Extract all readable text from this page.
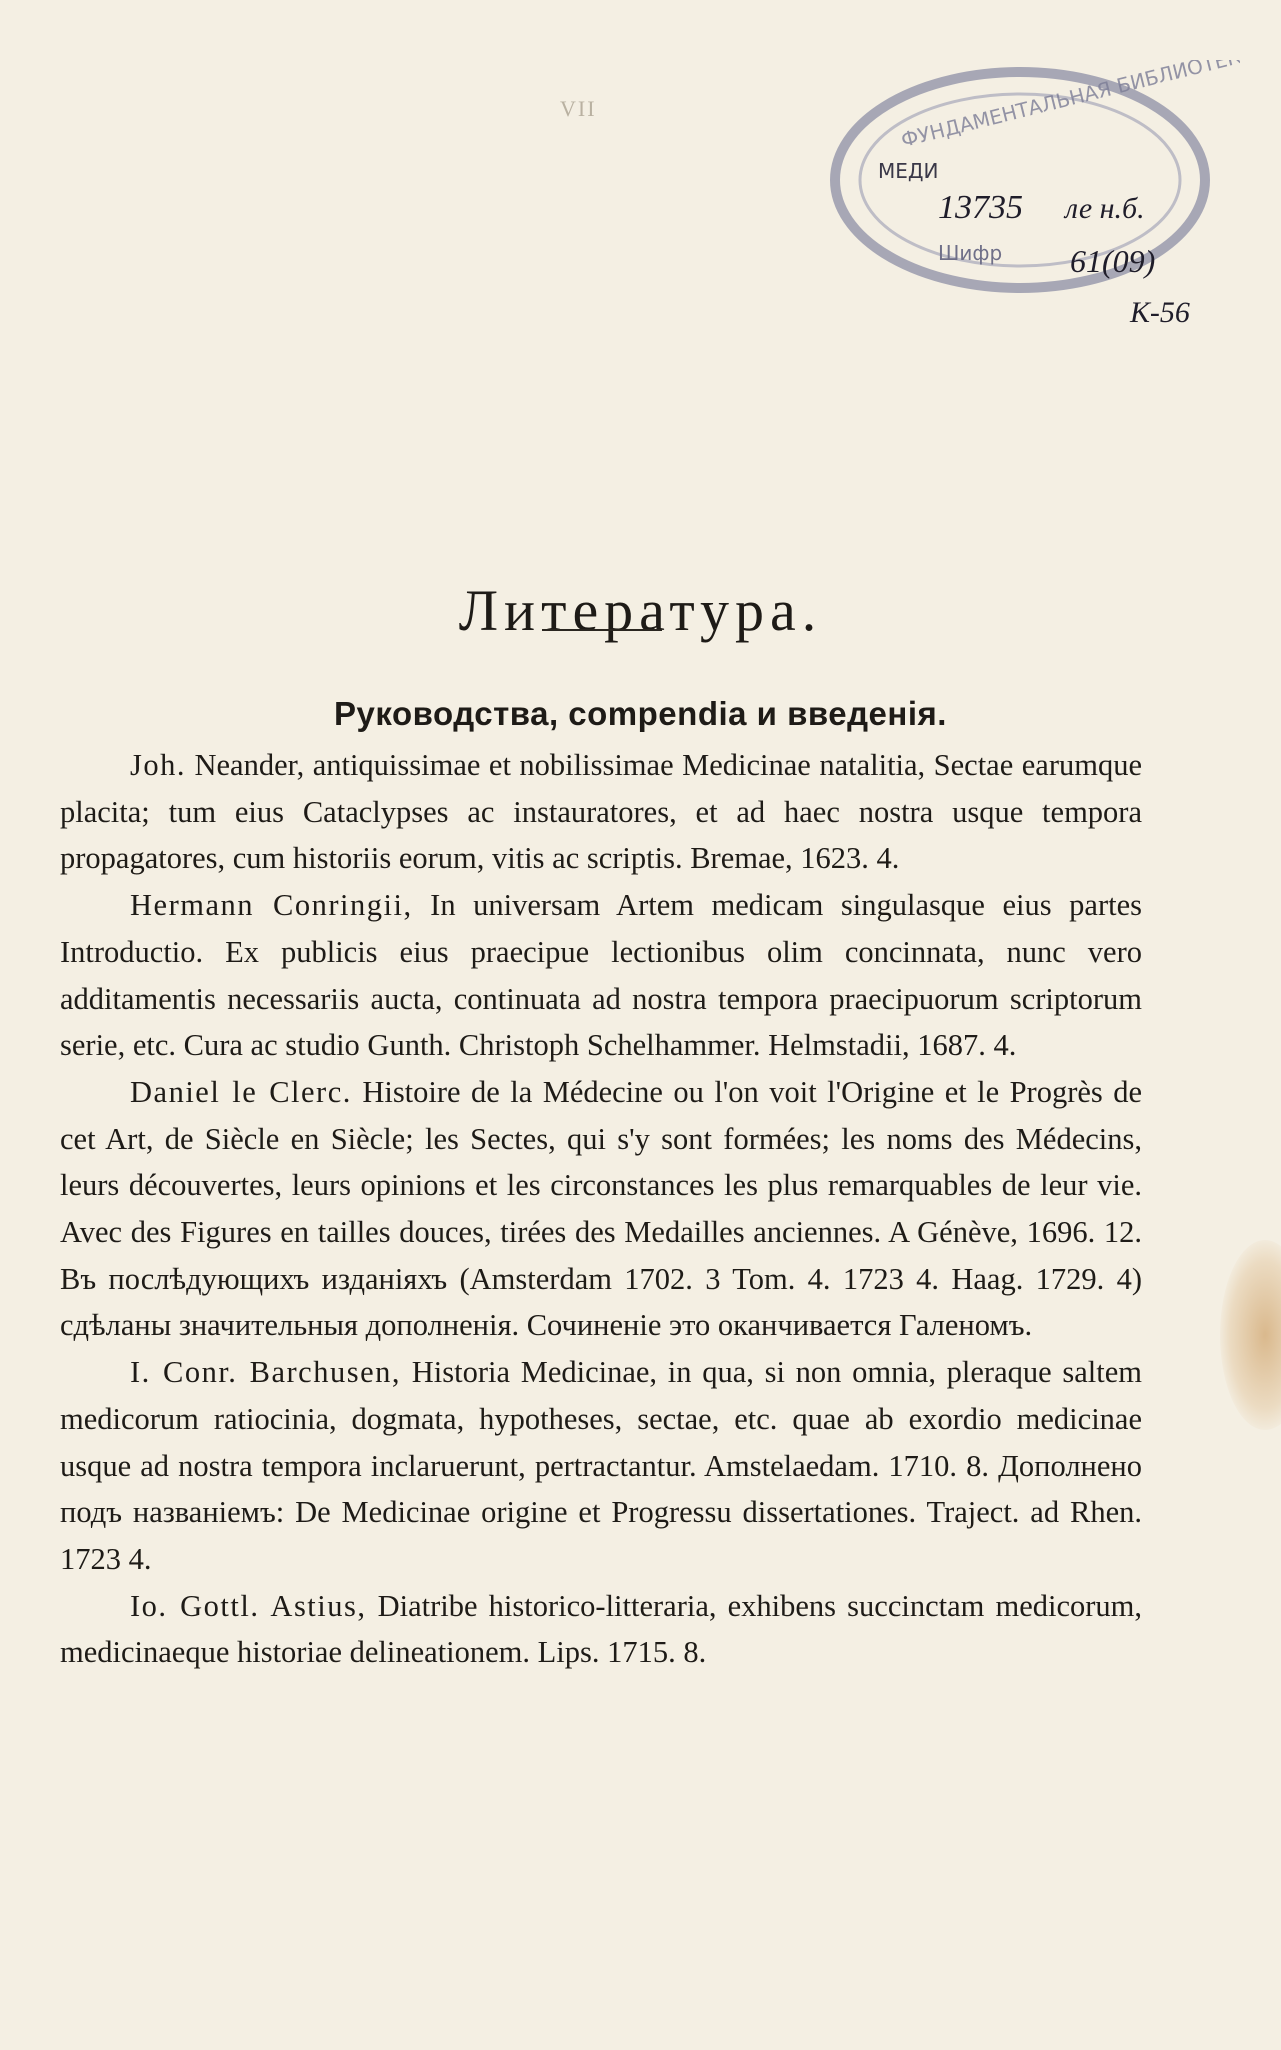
VII	ФУНДАМЕНТАЛЬНАЯ БИБЛИОТЕКА
МЕДИ
13735 ле н.б.
Шифр 61(09)
К-56
Литература.
Руководства, compendia и введенія.

Joh. Neander, antiquissimae et nobilissimae Medicinae natalitia, Sectae earumque placita; tum eius Cataclypses ac instauratores, et ad haec nostra usque tempora propagatores, cum historiis eorum, vitis ac scriptis. Bremae, 1623. 4.

Hermann Conringii, In universam Artem medicam singulasque eius partes Introductio. Ex publicis eius praecipue lectionibus olim concinnata, nunc vero additamentis necessariis aucta, continuata ad nostra tempora praecipuorum scriptorum serie, etc. Cura ac studio Gunth. Christoph Schelhammer. Helmstadii, 1687. 4.

Daniel le Clerc. Histoire de la Médecine ou l'on voit l'Origine et le Progrès de cet Art, de Siècle en Siècle; les Sectes, qui s'y sont formées; les noms des Médecins, leurs découvertes, leurs opinions et les circonstances les plus remarquables de leur vie. Avec des Figures en tailles douces, tirées des Medailles anciennes. A Génève, 1696. 12. Въ послѣдующихъ изданіяхъ (Amsterdam 1702. 3 Tom. 4. 1723 4. Haag. 1729. 4) сдѣланы значительныя дополненія. Сочиненіе это оканчивается Галеномъ.

I. Conr. Barchusen, Historia Medicinae, in qua, si non omnia, pleraque saltem medicorum ratiocinia, dogmata, hypotheses, sectae, etc. quae ab exordio medicinae usque ad nostra tempora inclaruerunt, pertractantur. Amstelaedam. 1710. 8. Дополнено подъ названіемъ: De Medicinae origine et Progressu dissertationes. Traject. ad Rhen. 1723 4.

Io. Gottl. Astius, Diatribe historico-litteraria, exhibens succinctam medicorum, medicinaeque historiae delineationem. Lips. 1715. 8.
